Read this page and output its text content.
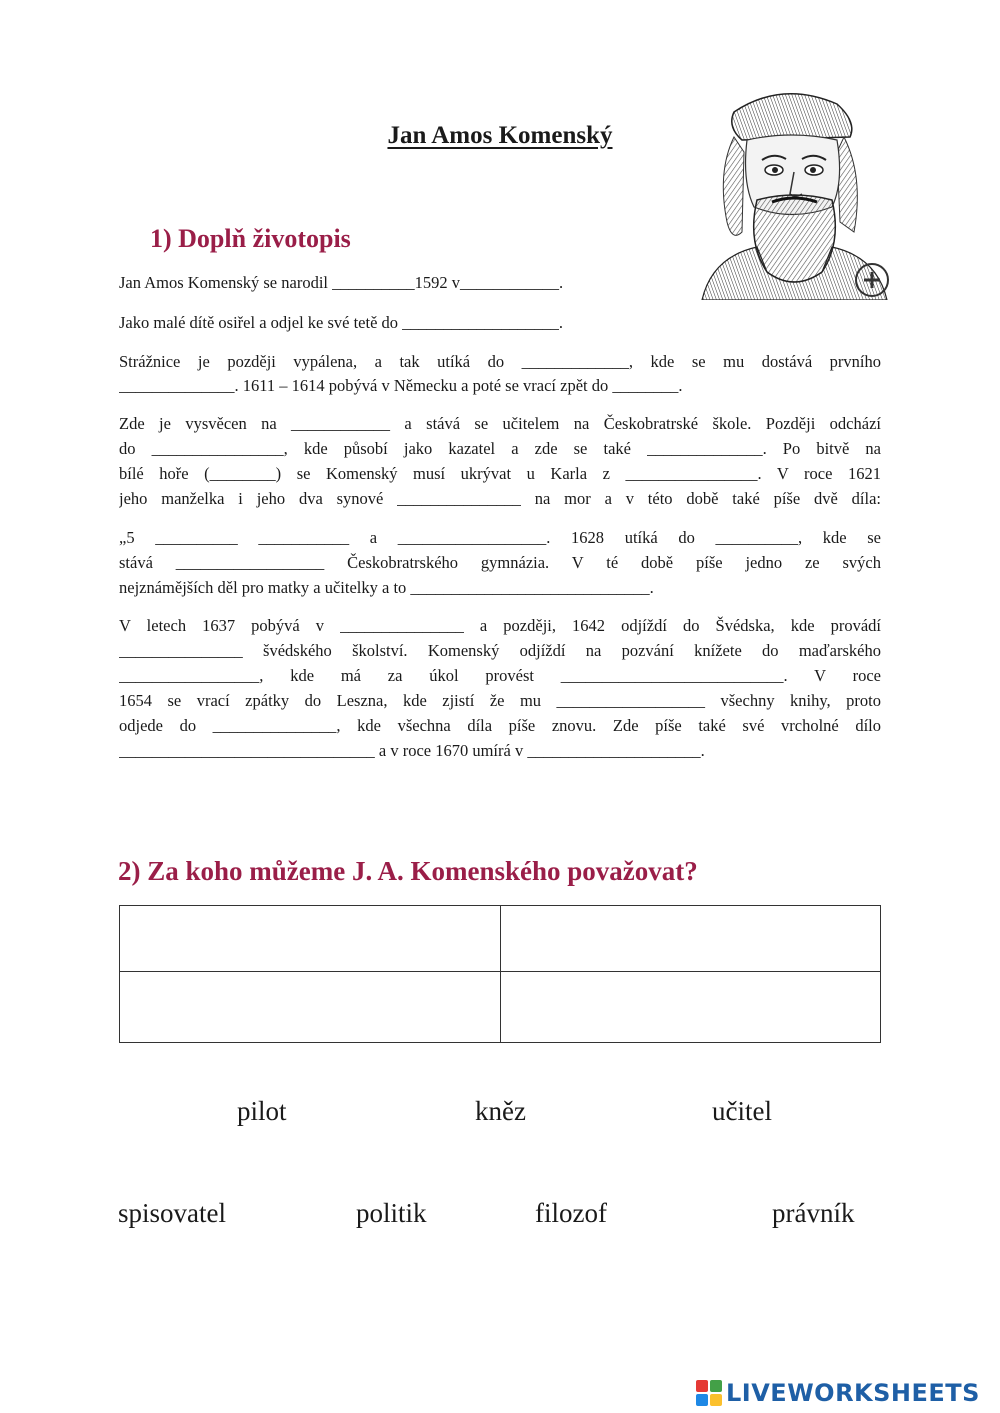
Jan Amos Komenský
1) Doplň životopis
Jan Amos Komenský se narodil __________1592 v____________.
Jako malé dítě osiřel a odjel ke své tetě do ___________________.
Strážnice je později vypálena, a tak utíká do _____________, kde se mu dostává prvního
______________. 1611 – 1614 pobývá v Německu a poté se vrací zpět do ________.
Zde je vysvěcen na ____________ a stává se učitelem na Českobratrské škole. Později odchází
do ________________, kde působí jako kazatel a zde se také ______________. Po bitvě na
bílé hoře (________) se Komenský musí ukrývat u Karla z ________________. V roce 1621
jeho manželka i jeho dva synové _______________ na mor a v této době také píše dvě díla:
„5 __________ ___________ a __________________. 1628 utíká do __________, kde se
stává __________________ Českobratrského gymnázia. V té době píše jedno ze svých
nejznámějších děl pro matky a učitelky a to _____________________________.
V letech 1637 pobývá v _______________ a později, 1642 odjíždí do Švédska, kde provádí
_______________ švédského školství. Komenský odjíždí na pozvání knížete do maďarského
_________________, kde má za úkol provést ___________________________. V roce
1654 se vrací zpátky do Leszna, kde zjistí že mu __________________ všechny knihy, proto
odjede do _______________, kde všechna díla píše znovu. Zde píše také své vrcholné dílo
_______________________________ a v roce 1670 umírá v _____________________.
2) Za koho můžeme J. A. Komenského považovat?

pilot	kněz	učitel
spisovatel	politik	filozof	právník
LIVEWORKSHEETS
